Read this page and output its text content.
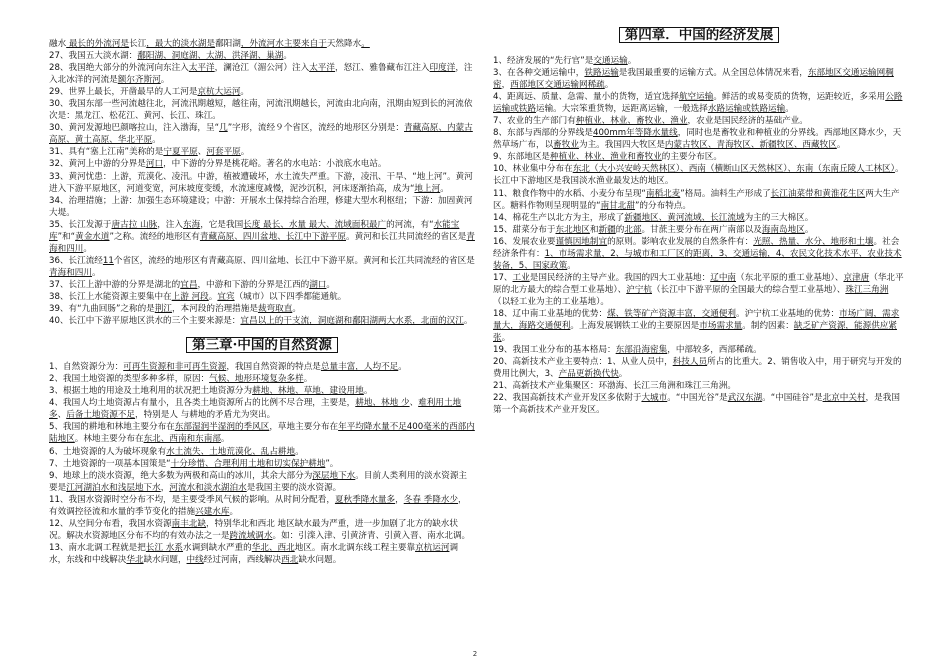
融水 最长的外流河是长江，最大的淡水湖是鄱阳湖，外流河水主要来自于天然降水。

27、我国五大淡水湖：鄱阳湖、洞庭湖、太湖、洪泽湖、巢湖。

28、我国绝大部分的外流河向东注入太平洋，澜沧江（湄公河）注入太平洋，怒江、雅鲁藏布江注入印度洋，注入北冰洋的河流是额尔齐斯河。

29、世界上最长，开凿最早的人工河是京杭大运河。

30、我国东部一些河流越往北，河流汛期越短，越往南，河流汛期越长，河流由北向南，汛期由短到长的河流依次是：黑龙江、松花江、黄河、长江、珠江。

30、黄河发源地巴颜喀拉山，注入渤海，呈“几”字形，流经９个省区，流经的地形区分别是：青藏高原、内蒙古高原、黄土高原、华北平原。

31、具有“塞上江南”美称的是宁夏平原、河套平原。

32、黄河上中游的分界是河口，中下游的分界是桃花峪。著名的水电站：小浪底水电站。

33、黄河忧患：上游，荒漠化、凌汛。中游，植被遭破坏，水土流失严重。下游，凌汛、干旱、“地上河”。黄河进入下游平原地区，河道变宽，河床坡度变缓，水流速度减慢，泥沙沉积，河床逐渐抬高，成为“地上河。

34、治理措施；上游：加强生态环境建设；中游：开展水土保持综合治理，修建大型水利枢纽；下游：加固黄河大堤。

35、长江发源于唐古拉 山脉，注入东海，它是我国长度 最长、水量 最大、流域面积最广的河流，有“水能宝库”和“黄金水道”之称。流经的地形区有青藏高原、四川盆地、长江中下游平原。黄河和长江共同流经的省区是青海和四川。

36、长江流经11个省区，流经的地形区有青藏高原、四川盆地、长江中下游平原。黄河和长江共同流经的省区是青海和四川。

37、长江上游中游的分界是湖北的宜昌，中游和下游的分界是江西的湖口。

38、长江上水能资源主要集中在上游 河段。宜宾（城市）以下四季都能通航。

39、有“九曲回肠”之称的是荆江，本河段的治理措施是裁弯取直。

40、长江中下游平原地区洪水的三个主要来源是：宜昌以上的干支流，洞庭湖和鄱阳湖两大水系，北面的汉江。

第三章·中国的自然资源

1、自然资源分为：可再生资源和非可再生资源，我国自然资源的特点是总量丰富，人均不足。

2、我国土地资源的类型多种多样，原因：气候、地形环境复杂多样。

3、根据土地的用途及土地利用的状况把土地资源分为耕地、林地、草地、建设用地。

4、我国人均土地资源占有量小，且各类土地资源所占的比例不尽合理，主要是，耕地、林地 少、难利用土地多、后备土地资源不足，特别是人 与耕地的矛盾尤为突出。

5、我国的耕地和林地主要分布在东部湿润半湿润的季风区，草地主要分布在年平均降水量不足400毫米的西部内陆地区。林地主要分布在东北、西南和东南部。

6、土地资源的人为破坏现象有水土流失、土地荒漠化、乱占耕地。

7、土地资源的一项基本国策是“十分珍惜、合理利用土地和切实保护耕地”。

9、地球上的淡水资源，绝大多数为两极和高山的冰川，其余大部分为深层地下水。目前人类利用的淡水资源主要是江河湖泊水和浅层地下水，河流水和淡水湖泊水是我国主要的淡水资源。

11、我国水资源时空分布不均，是主要受季风气候的影响。从时间分配看，夏秋季降水量多，冬春 季降水少，有效调控径流和水量的季节变化的措施兴建水库。

12、从空间分布看，我国水资源南丰北缺，特别华北和西北 地区缺水最为严重，进一步加剧了北方的缺水状况。解决水资源地区分布不均的有效办法之一是跨流域调水。如：引滦入津、引黄济青、引黄入晋、南水北调。

13、南水北调工程就是把长江 水系水调到缺水严重的华北、西北地区。南水北调东线工程主要靠京杭运河调水，东线和中线解决华北缺水问题，中线经过河南，西线解决西北缺水问题。

第四章．中国的经济发展

1、经济发展的“先行官”是交通运输。

3、在各种交通运输中，铁路运输是我国最重要的运输方式。从全国总体情况来看，东部地区交通运输网稠密，西部地区交通运输网稀疏。

4、距离远、质量、急需、量小的货物，适宜选择航空运输。鲜活的或易变质的货物，运距较近，多采用公路运输或铁路运输。大宗笨重货物，远距离运输，一般选择水路运输或铁路运输。

7、农业的生产部门有种植业、林业、畜牧业、渔业，农业是国民经济的基础产业。

8、东部与西部的分界线是400mm年等降水量线，同时也是畜牧业和种植业的分界线。西部地区降水少，天然草场广布，以畜牧业为主。我国四大牧区是内蒙古牧区、青海牧区、新疆牧区、西藏牧区。

9、东部地区是种植业、林业、渔业和畜牧业的主要分布区。

10、林业集中分布在东北（大小兴安岭天然林区）、西南（横断山区天然林区）、东南（东南丘陵人工林区）。长江中下游地区是我国淡水渔业最发达的地区。

11、粮食作物中的水稻、小麦分布呈现“南稻北麦”格局。油料生产形成了长江油菜带和黄淮花生区两大生产区。糖料作物则呈现明显的“南甘北甜”的分布特点。

14、棉花生产以北方为主，形成了新疆地区、黄河流域、长江流域为主的三大棉区。

15、甜菜分布于东北地区和新疆的北部。甘蔗主要分布在两广南部以及海南岛地区。

16、发展农业要谨慎因地制宜的原则。影响农业发展的自然条件有：光照、热量、水分、地形和土壤。社会经济条件有：1、市场需求量，2、与城市和工厂区的距离，3、交通运输，4、农民文化技术水平、农业技术装备，5、国家政策。

17、工业是国民经济的主导产业。我国的四大工业基地：辽中南（东北平原的重工业基地）、京津唐（华北平原的北方最大的综合型工业基地）、沪宁杭（长江中下游平原的全国最大的综合型工业基地）、珠江三角洲（以轻工业为主的工业基地）。

18、辽中南工业基地的优势：煤、铁等矿产资源丰富，交通便利。沪宁杭工业基地的优势：市场广阔，需求量大，海路交通便利。上海发展钢铁工业的主要原因是市场需求量。制约因素：缺乏矿产资源，能源供应紧张。

19、我国工业分布的基本格局：东部沿海密集，中部较多，西部稀疏。

20、高新技术产业主要特点：1、从业人员中，科技人员所占的比重大。2、销售收入中，用于研究与开发的费用比例大，3、产品更新换代快。

21、高新技术产业集聚区：环渤海、长江三角洲和珠江三角洲。

22、我国高新技术产业开发区多依附于大城市。“中国光谷”是武汉东湖。“中国硅谷”是北京中关村，是我国第一个高新技术产业开发区。

2
